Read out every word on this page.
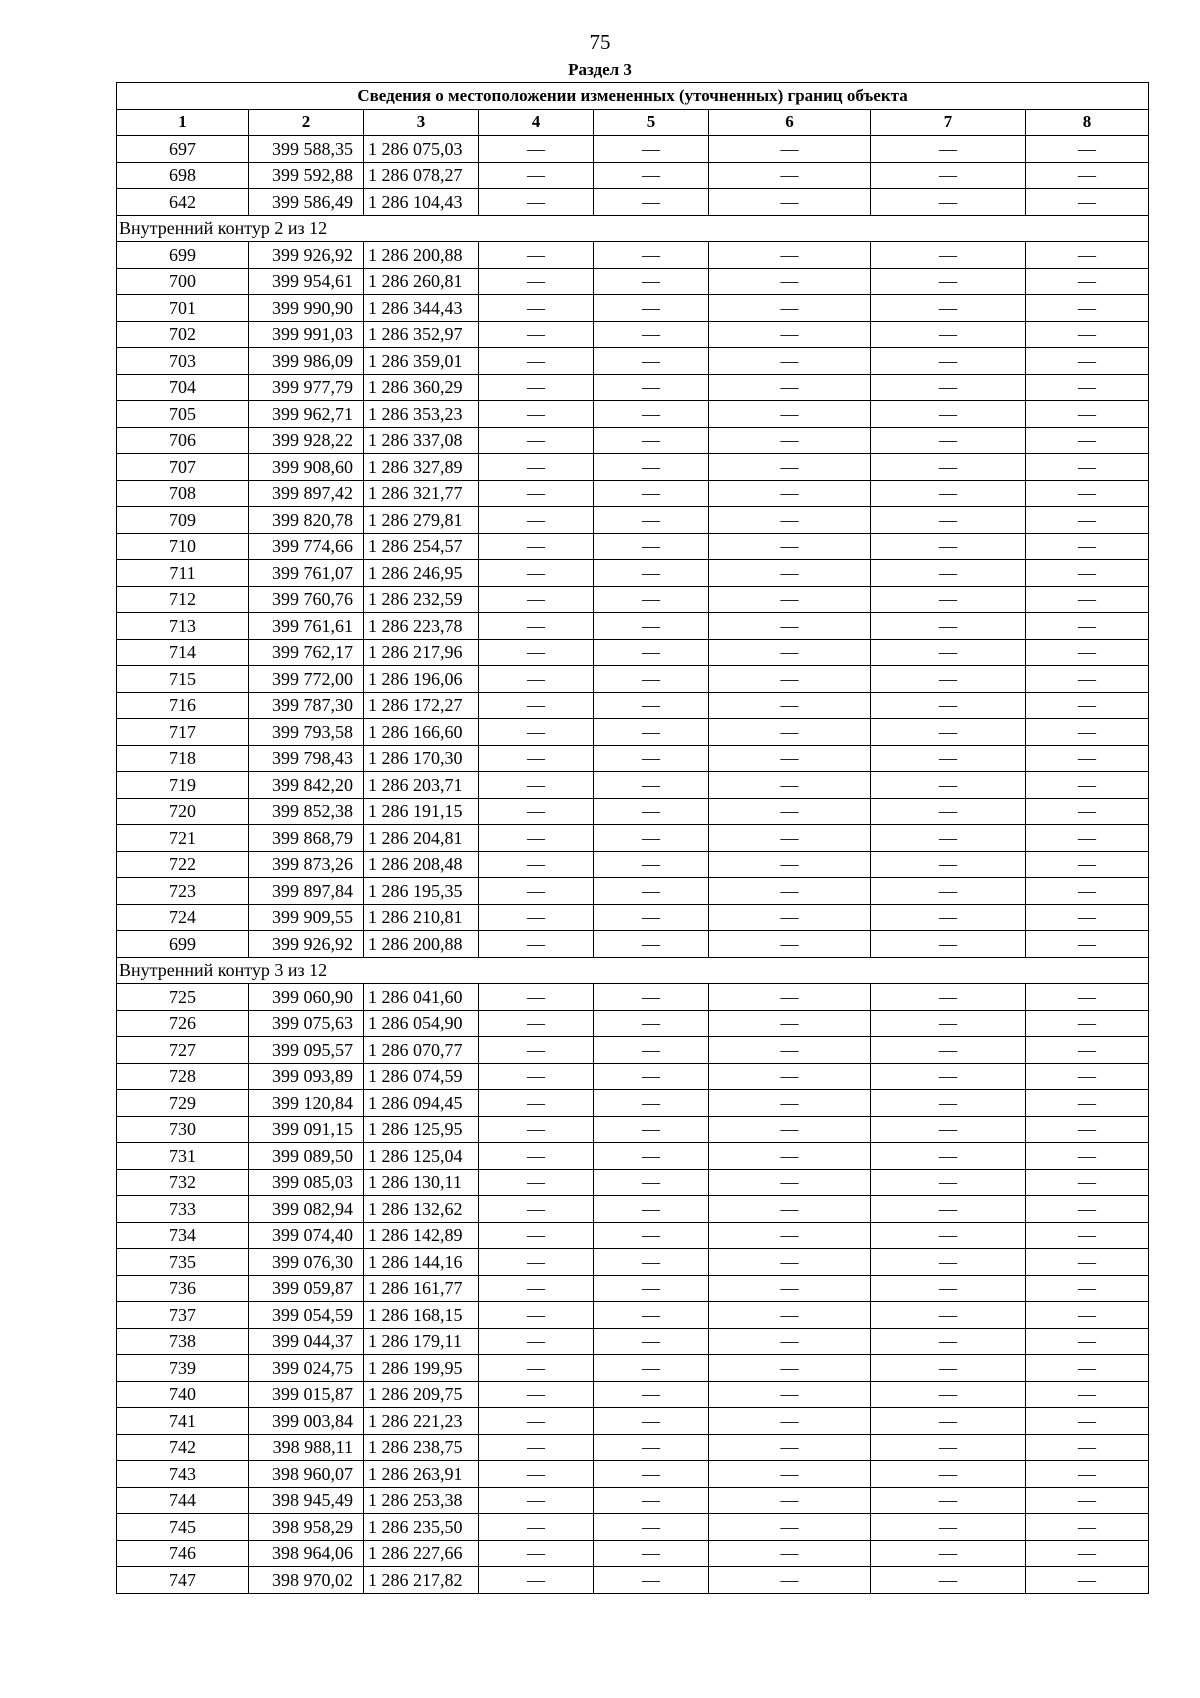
75
Раздел 3
Сведения о местоположении измененных (уточненных) границ объекта							
1	2	3	4	5	6	7	8
697	399 588,35	1 286 075,03	—	—	—	—	—
698	399 592,88	1 286 078,27	—	—	—	—	—
642	399 586,49	1 286 104,43	—	—	—	—	—
Внутренний контур 2 из 12							
699	399 926,92	1 286 200,88	—	—	—	—	—
700	399 954,61	1 286 260,81	—	—	—	—	—
701	399 990,90	1 286 344,43	—	—	—	—	—
702	399 991,03	1 286 352,97	—	—	—	—	—
703	399 986,09	1 286 359,01	—	—	—	—	—
704	399 977,79	1 286 360,29	—	—	—	—	—
705	399 962,71	1 286 353,23	—	—	—	—	—
706	399 928,22	1 286 337,08	—	—	—	—	—
707	399 908,60	1 286 327,89	—	—	—	—	—
708	399 897,42	1 286 321,77	—	—	—	—	—
709	399 820,78	1 286 279,81	—	—	—	—	—
710	399 774,66	1 286 254,57	—	—	—	—	—
711	399 761,07	1 286 246,95	—	—	—	—	—
712	399 760,76	1 286 232,59	—	—	—	—	—
713	399 761,61	1 286 223,78	—	—	—	—	—
714	399 762,17	1 286 217,96	—	—	—	—	—
715	399 772,00	1 286 196,06	—	—	—	—	—
716	399 787,30	1 286 172,27	—	—	—	—	—
717	399 793,58	1 286 166,60	—	—	—	—	—
718	399 798,43	1 286 170,30	—	—	—	—	—
719	399 842,20	1 286 203,71	—	—	—	—	—
720	399 852,38	1 286 191,15	—	—	—	—	—
721	399 868,79	1 286 204,81	—	—	—	—	—
722	399 873,26	1 286 208,48	—	—	—	—	—
723	399 897,84	1 286 195,35	—	—	—	—	—
724	399 909,55	1 286 210,81	—	—	—	—	—
699	399 926,92	1 286 200,88	—	—	—	—	—
Внутренний контур 3 из 12							
725	399 060,90	1 286 041,60	—	—	—	—	—
726	399 075,63	1 286 054,90	—	—	—	—	—
727	399 095,57	1 286 070,77	—	—	—	—	—
728	399 093,89	1 286 074,59	—	—	—	—	—
729	399 120,84	1 286 094,45	—	—	—	—	—
730	399 091,15	1 286 125,95	—	—	—	—	—
731	399 089,50	1 286 125,04	—	—	—	—	—
732	399 085,03	1 286 130,11	—	—	—	—	—
733	399 082,94	1 286 132,62	—	—	—	—	—
734	399 074,40	1 286 142,89	—	—	—	—	—
735	399 076,30	1 286 144,16	—	—	—	—	—
736	399 059,87	1 286 161,77	—	—	—	—	—
737	399 054,59	1 286 168,15	—	—	—	—	—
738	399 044,37	1 286 179,11	—	—	—	—	—
739	399 024,75	1 286 199,95	—	—	—	—	—
740	399 015,87	1 286 209,75	—	—	—	—	—
741	399 003,84	1 286 221,23	—	—	—	—	—
742	398 988,11	1 286 238,75	—	—	—	—	—
743	398 960,07	1 286 263,91	—	—	—	—	—
744	398 945,49	1 286 253,38	—	—	—	—	—
745	398 958,29	1 286 235,50	—	—	—	—	—
746	398 964,06	1 286 227,66	—	—	—	—	—
747	398 970,02	1 286 217,82	—	—	—	—	—
